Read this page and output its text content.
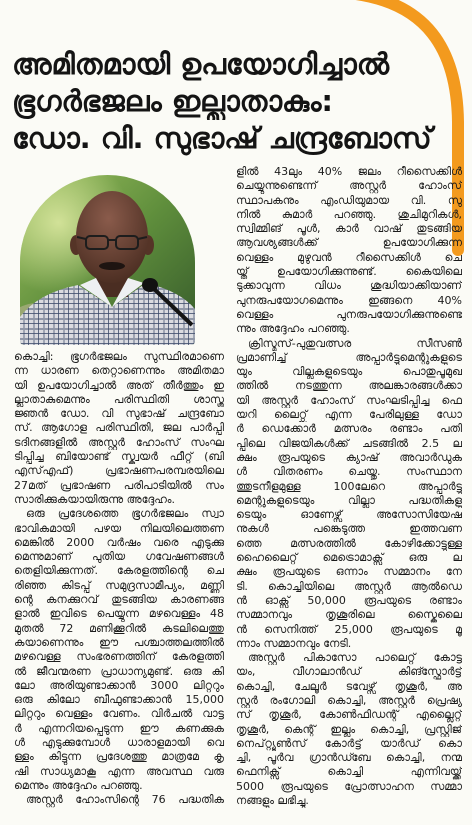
അമിതമായി ഉപയോഗിച്ചാൽ
ഭൂഗർഭജലം ഇല്ലാതാകും:
ഡോ. വി. സുഭാഷ് ചന്ദ്രബോസ്
കൊച്ചി: ഭൂഗർഭജലം സുസ്ഥിരമാണെ
ന്ന ധാരണ തെറ്റാണെന്നും അമിതമാ
യി ഉപയോഗിച്ചാൽ അത് തീർത്തും ഇ
ല്ലാതാകുമെന്നും പരിസ്ഥിതി ശാസ്ത്ര
ജ്ഞൻ ഡോ. വി സുഭാഷ് ചന്ദ്രബോ
സ്. ആഗോള പരിസ്ഥിതി, ജല പാർപ്പി
ടദിനങ്ങളിൽ അസ്റ്റർ ഹോംസ് സംഘ
ടിപ്പിച്ച ബിയോണ്ട് സ്ക്വയർ ഫീറ്റ് (ബി
എസ്എഫ്) പ്രഭാഷണപരമ്പരയിലെ
27മത് പ്രഭാഷണ പരിപാടിയിൽ സം
സാരിക്കുകയായിരുന്നു അദ്ദേഹം.
ഒരു പ്രദേശത്തെ ഭൂഗർഭജലം സ്വാ
ഭാവികമായി പഴയ നിലയിലെത്തണ
മെങ്കിൽ 2000 വർഷം വരെ എടുക്കു
മെന്നുമാണ് പുതിയ ഗവേഷണങ്ങൾ
തെളിയിക്കുന്നത്. കേരളത്തിന്റെ ചെ
രിഞ്ഞ കിടപ്പ് സമുദ്രസാമീപ്യം, മണ്ണി
ന്റെ കനക്കുറവ് തുടങ്ങിയ കാരണങ്ങ
ളാൽ ഇവിടെ പെയ്യുന്ന മഴവെള്ളം 48
മുതൽ 72 മണിക്കൂറിൽ കടലിലെത്തു
കയാണെന്നും ഈ പശ്ചാത്തലത്തിൽ
മഴവെള്ള സംഭരണത്തിന് കേരളത്തി
ൽ ജീവന്മരണ പ്രാധാന്യമുണ്ട്. ഒരു കി
ലോ അരിയുണ്ടാക്കാൻ 3000 ലിറ്ററും
ഒരു കിലോ ബീഫുണ്ടാക്കാൻ 15,000
ലിറ്ററും വെള്ളം വേണം. വിർചൽ വാട്ട
ർ എന്നറിയപ്പെടുന്ന ഈ കണക്കുക
ൾ എടുക്കുമ്പോൾ ധാരാളമായി വെ
ള്ളം കിട്ടുന്ന പ്രദേശത്തു മാത്രമേ കൃ
ഷി സാധ്യമാകൂ എന്ന അവസ്ഥ വരു
മെന്നും അദ്ദേഹം പറഞ്ഞു.
അസ്റ്റർ ഹോംസിന്റെ 76 പദ്ധതിക
ളിൽ 43ലും 40% ജലം റീസൈക്കിൾ
ചെയ്യുന്നുണ്ടെന്ന് അസ്റ്റർ ഹോംസ്
സ്ഥാപകനും എംഡിയുമായ വി. സു
നിൽ കുമാർ പറഞ്ഞു. ശുചിമുറികൾ,
സ്വിമ്മിങ് പൂൾ, കാർ വാഷ് തുടങ്ങിയ
ആവശ്യങ്ങൾക്ക് ഉപയോഗിക്കുന്ന
വെള്ളം മുഴുവൻ റീസൈക്കിൾ ചെ
യ്ത് ഉപയോഗിക്കുന്നുണ്ട്. കൈയിലെ
ടുക്കാവുന്ന വിധം ശുദ്ധിയാക്കിയാണ്
പുനരുപയോഗമെന്നും ഇങ്ങനെ 40%
വെള്ളം പുനരുപയോഗിക്കുന്നുണ്ടെ
ന്നും അദ്ദേഹം പറഞ്ഞു.
ക്രിസ്മസ്-പുതുവത്സര സീസൺ
പ്രമാണിച്ച് അപ്പാർട്ടുമെന്റുകളുടെ
യും വില്ലകളുടെയും പൊതുപൂമുഖ
ത്തിൽ നടത്തുന്ന അലങ്കാരങ്ങൾക്കാ
യി അസ്റ്റർ ഹോംസ് സംഘടിപ്പിച്ച ഫെ
യറി ലൈറ്റ്സ് എന്ന പേരിലുള്ള ഡോ
ർ ഡെക്കോർ മത്സരം രണ്ടാം പതി
പ്പിലെ വിജയികൾക്ക് ചടങ്ങിൽ 2.5 ല
ക്ഷം രൂപയുടെ ക്യാഷ് അവാർഡുക
ൾ വിതരണം ചെയ്തു. സംസ്ഥാന
ത്തുടനീളമുള്ള 100ലേറെ അപ്പാർട്ടു
മെന്റുകളുടെയും വില്ലാ പദ്ധതികളു
ടെയും ഓണേഴ്സ് അസോസിയേഷ
നുകൾ പങ്കെടുത്ത ഇത്തവണ
ത്തെ മത്സരത്തിൽ കോഴിക്കോട്ടുള്ള
ഹൈലൈറ്റ് മെട്രൊമാക്സ് ഒരു ല
ക്ഷം രൂപയുടെ ഒന്നാം സമ്മാനം നേ
ടി. കൊച്ചിയിലെ അസ്റ്റർ ആൽഡെ
ൻ ഓക്സ് 50,000 രൂപയുടെ രണ്ടാം
സമ്മാനവും തൃശൂരിലെ സ്കൈലൈ
ൻ സെനിത്ത് 25,000 രൂപയുടെ മൂ
ന്നാം സമ്മാനവും നേടി.
അസ്റ്റർ പികാസോ പാലെറ്റ് കോട്ട
യം, വീഗാലാൻഡ് കിങ്സ്ഫോർട്ട്
കൊച്ചി, ചേലൂർ ടവേഴ്സ് തൃശൂർ, അ
സ്റ്റർ രംഗോലി കൊച്ചി, അസ്റ്റർ പ്രെഷ്യ
സ് തൃശൂർ, കോൺഫിഡന്റ് എല്ലൈറ്റ്
തൃശൂർ, കെന്റ് ഇല്ലം കൊച്ചി, പ്രസ്റ്റിജ്
നെപ്റ്റ്യൂൺസ് കോർട്ട് യാർഡ് കൊ
ച്ചി, പൂർവ ഗ്രാൻഡ്ബേ കൊച്ചി, നന്മ
ഫെനിക്സ് കൊച്ചി എന്നിവയ്ക്ക്
5000 രൂപയുടെ പ്രോത്സാഹന സമ്മാ
നങ്ങളും ലഭിച്ചു.
